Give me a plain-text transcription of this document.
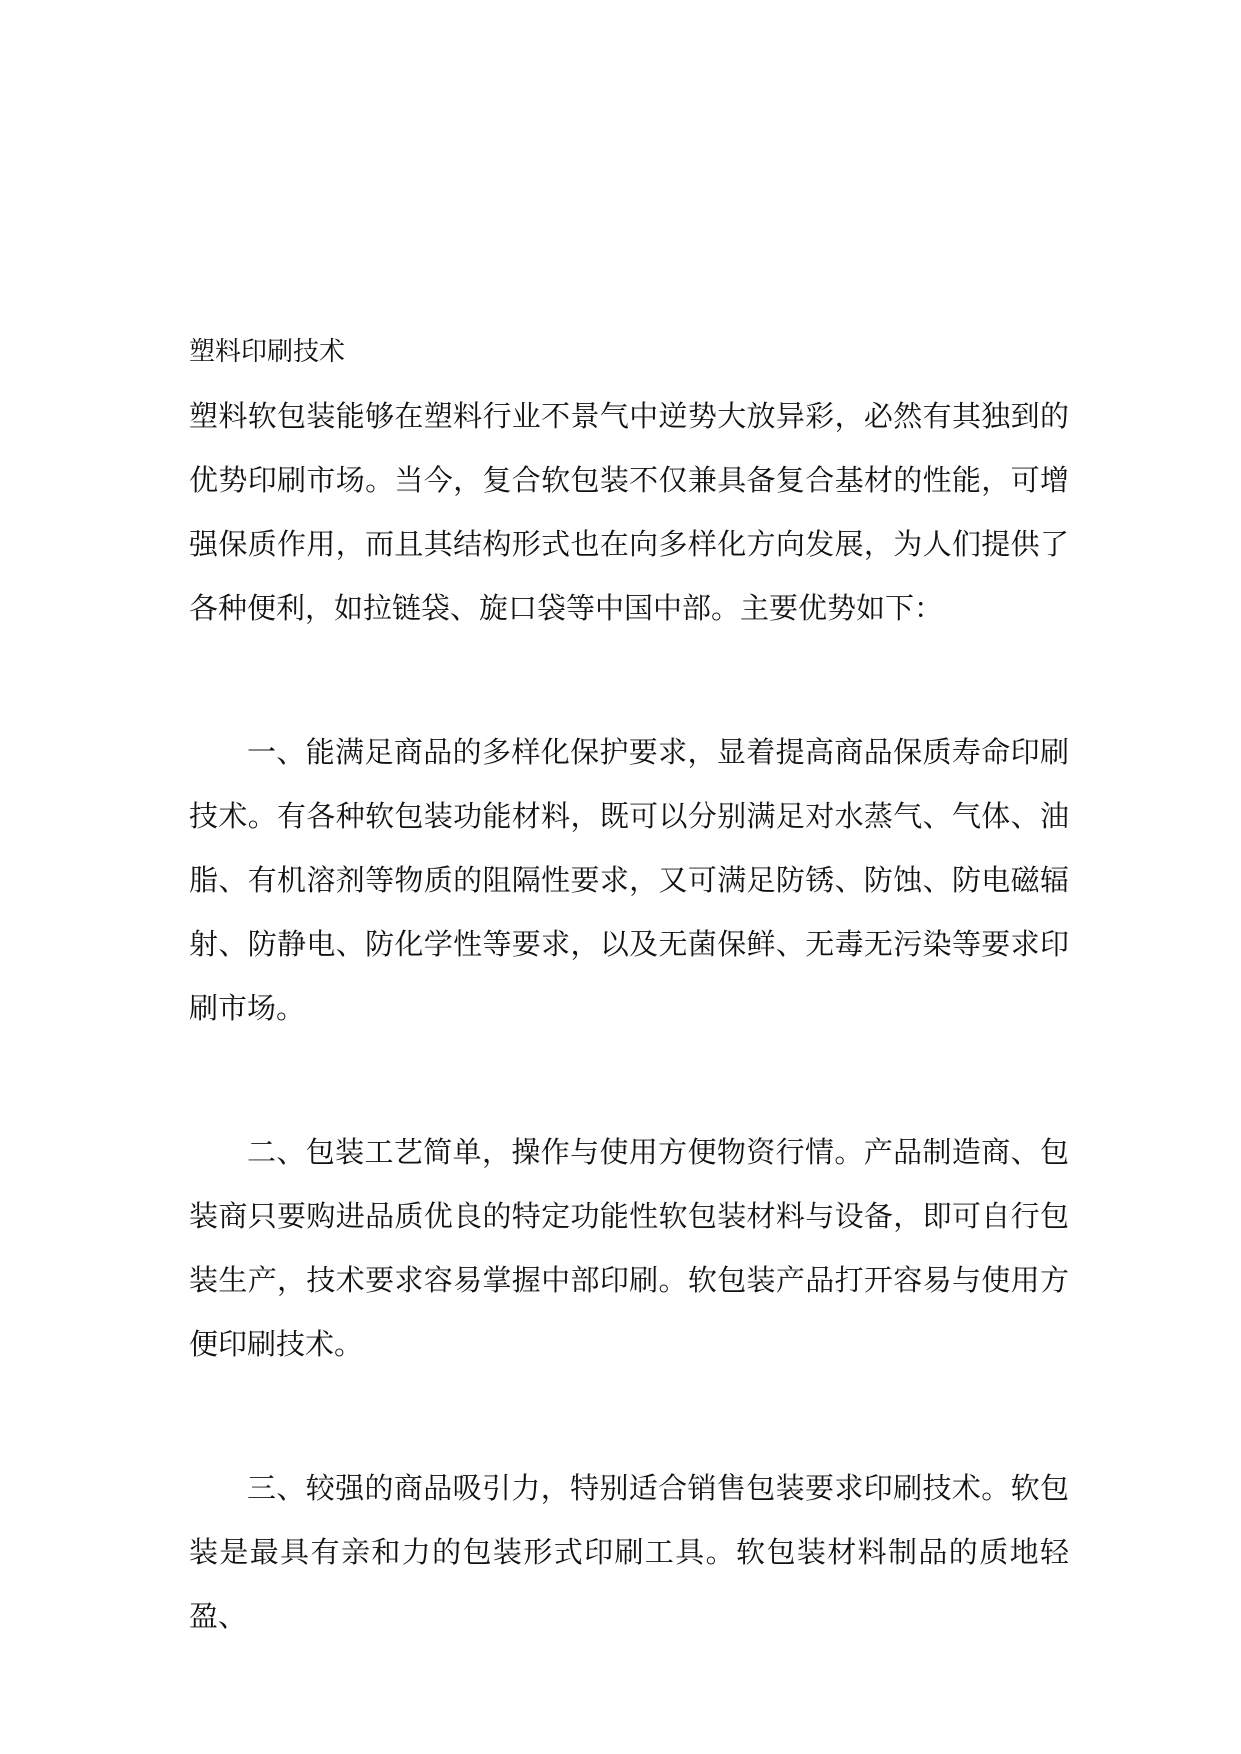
塑料印刷技术

塑料软包装能够在塑料行业不景气中逆势大放异彩，必然有其独到的优势印刷市场。当今，复合软包装不仅兼具备复合基材的性能，可增强保质作用，而且其结构形式也在向多样化方向发展，为人们提供了各种便利，如拉链袋、旋口袋等中国中部。主要优势如下：

一、能满足商品的多样化保护要求，显着提高商品保质寿命印刷技术。有各种软包装功能材料，既可以分别满足对水蒸气、气体、油脂、有机溶剂等物质的阻隔性要求，又可满足防锈、防蚀、防电磁辐射、防静电、防化学性等要求，以及无菌保鲜、无毒无污染等要求印刷市场。

二、包装工艺简单，操作与使用方便物资行情。产品制造商、包装商只要购进品质优良的特定功能性软包装材料与设备，即可自行包装生产，技术要求容易掌握中部印刷。软包装产品打开容易与使用方便印刷技术。

三、较强的商品吸引力，特别适合销售包装要求印刷技术。软包装是最具有亲和力的包装形式印刷工具。软包装材料制品的质地轻盈、
